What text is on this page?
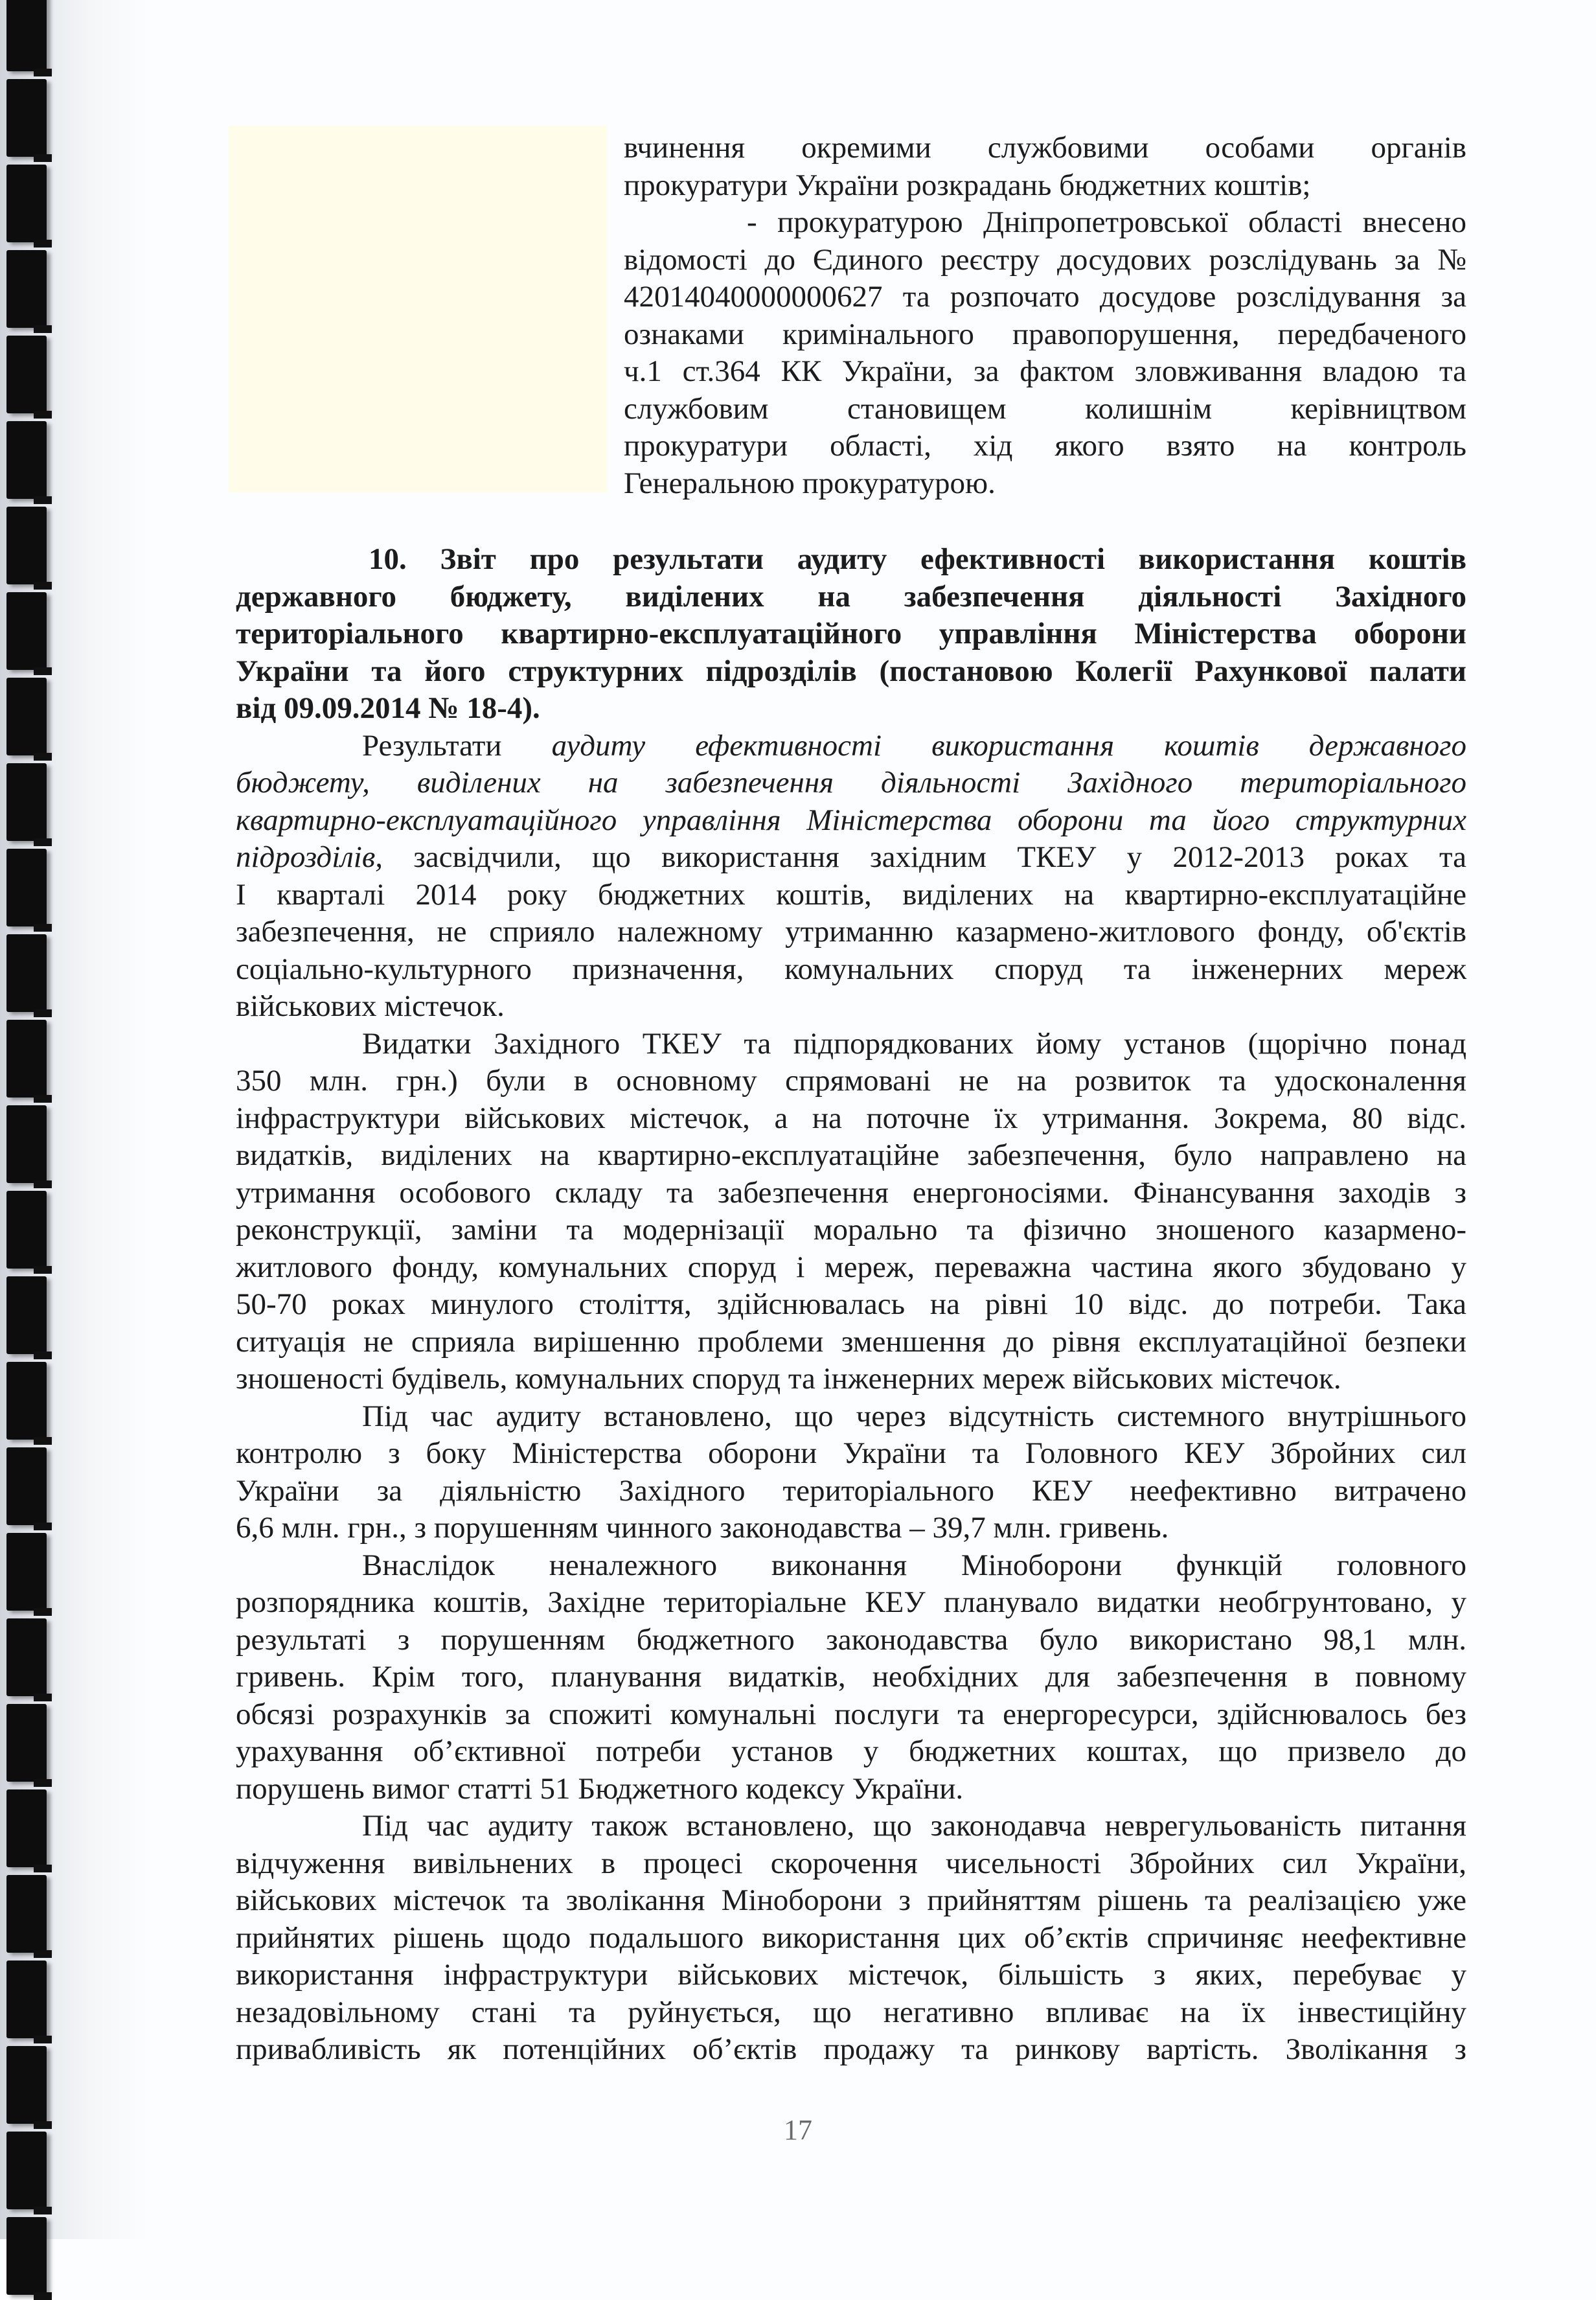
вчинення окремими службовими особами органів
прокуратури України розкрадань бюджетних коштів;
- прокуратурою Дніпропетровської області внесено
відомості до Єдиного реєстру досудових розслідувань за №
42014040000000627 та розпочато досудове розслідування за
ознаками кримінального правопорушення, передбаченого
ч.1 ст.364 КК України, за фактом зловживання владою та
службовим становищем колишнім керівництвом
прокуратури області, хід якого взято на контроль
Генеральною прокуратурою.
10. Звіт про результати аудиту ефективності використання коштів
державного бюджету, виділених на забезпечення діяльності Західного
територіального квартирно-експлуатаційного управління Міністерства оборони
України та його структурних підрозділів (постановою Колегії Рахункової палати
від 09.09.2014 № 18-4).
Результати аудиту ефективності використання коштів державного
бюджету, виділених на забезпечення діяльності Західного територіального
квартирно-експлуатаційного управління Міністерства оборони та його структурних
підрозділів, засвідчили, що використання західним ТКЕУ у 2012-2013 роках та
І кварталі 2014 року бюджетних коштів, виділених на квартирно-експлуатаційне
забезпечення, не сприяло належному утриманню казармено-житлового фонду, об'єктів
соціально-культурного призначення, комунальних споруд та інженерних мереж
військових містечок.
Видатки Західного ТКЕУ та підпорядкованих йому установ (щорічно понад
350 млн. грн.) були в основному спрямовані не на розвиток та удосконалення
інфраструктури військових містечок, а на поточне їх утримання. Зокрема, 80 відс.
видатків, виділених на квартирно-експлуатаційне забезпечення, було направлено на
утримання особового складу та забезпечення енергоносіями. Фінансування заходів з
реконструкції, заміни та модернізації морально та фізично зношеного казармено-
житлового фонду, комунальних споруд і мереж, переважна частина якого збудовано у
50-70 роках минулого століття, здійснювалась на рівні 10 відс. до потреби. Така
ситуація не сприяла вирішенню проблеми зменшення до рівня експлуатаційної безпеки
зношеності будівель, комунальних споруд та інженерних мереж військових містечок.
Під час аудиту встановлено, що через відсутність системного внутрішнього
контролю з боку Міністерства оборони України та Головного КЕУ Збройних сил
України за діяльністю Західного територіального КЕУ неефективно витрачено
6,6 млн. грн., з порушенням чинного законодавства – 39,7 млн. гривень.
Внаслідок неналежного виконання Міноборони функцій головного
розпорядника коштів, Західне територіальне КЕУ планувало видатки необгрунтовано, у
результаті з порушенням бюджетного законодавства було використано 98,1 млн.
гривень. Крім того, планування видатків, необхідних для забезпечення в повному
обсязі розрахунків за спожиті комунальні послуги та енергоресурси, здійснювалось без
урахування об’єктивної потреби установ у бюджетних коштах, що призвело до
порушень вимог статті 51 Бюджетного кодексу України.
Під час аудиту також встановлено, що законодавча неврегульованість питання
відчуження вивільнених в процесі скорочення чисельності Збройних сил України,
військових містечок та зволікання Міноборони з прийняттям рішень та реалізацією уже
прийнятих рішень щодо подальшого використання цих об’єктів спричиняє неефективне
використання інфраструктури військових містечок, більшість з яких, перебуває у
незадовільному стані та руйнується, що негативно впливає на їх інвестиційну
привабливість як потенційних об’єктів продажу та ринкову вартість. Зволікання з
17
